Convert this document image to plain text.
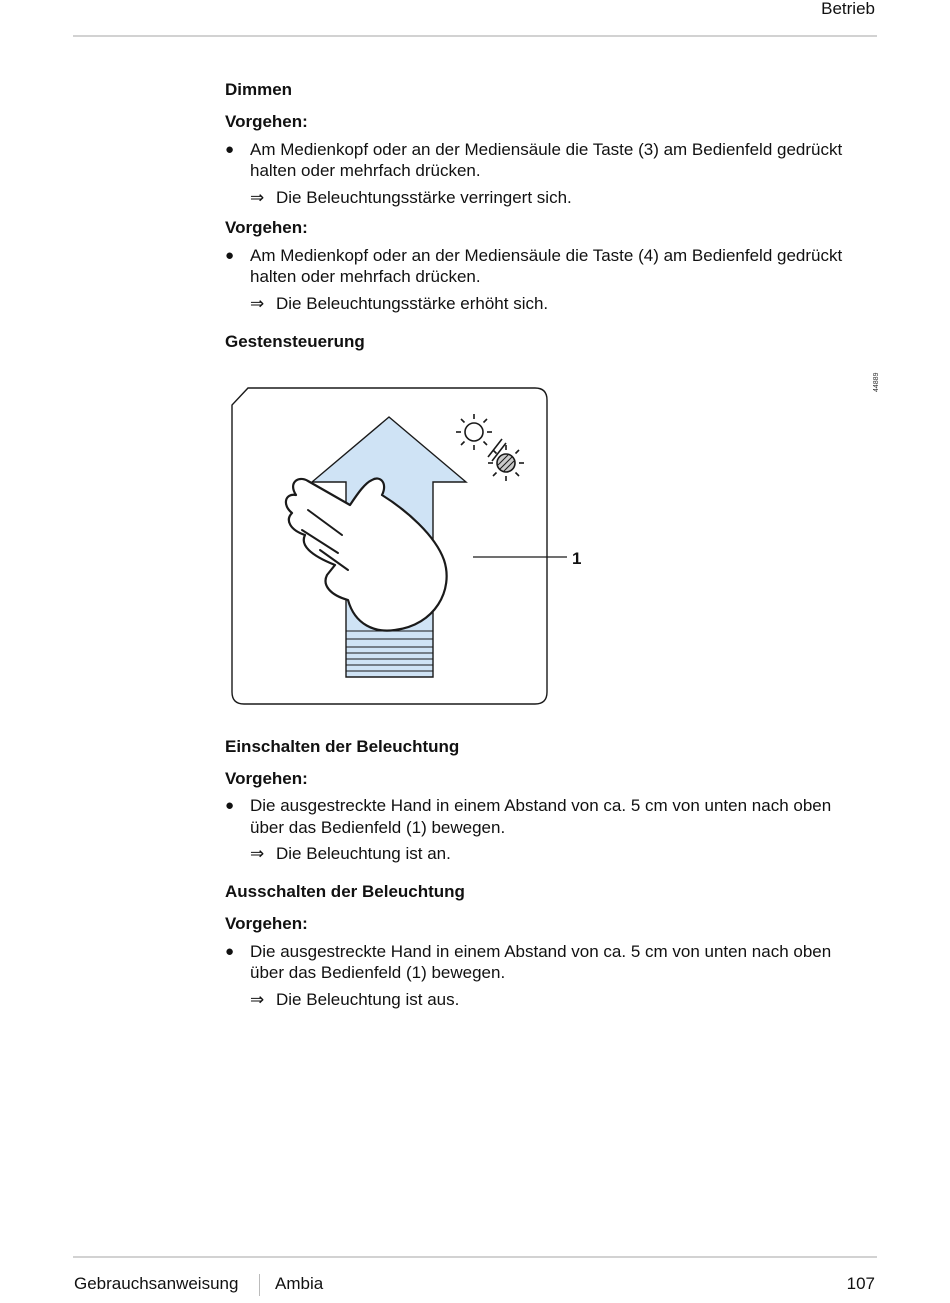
Betrieb
Dimmen
Vorgehen:
● Am Medienkopf oder an der Mediensäule die Taste (3) am Bedienfeld gedrückt
halten oder mehrfach drücken.
⇒ Die Beleuchtungsstärke verringert sich.
Vorgehen:
● Am Medienkopf oder an der Mediensäule die Taste (4) am Bedienfeld gedrückt
halten oder mehrfach drücken.
⇒ Die Beleuchtungsstärke erhöht sich.
Gestensteuerung
Einschalten der Beleuchtung
Vorgehen:
● Die ausgestreckte Hand in einem Abstand von ca. 5 cm von unten nach oben
über das Bedienfeld (1) bewegen.
⇒ Die Beleuchtung ist an.
Ausschalten der Beleuchtung
Vorgehen:
● Die ausgestreckte Hand in einem Abstand von ca. 5 cm von unten nach oben
über das Bedienfeld (1) bewegen.
⇒ Die Beleuchtung ist aus.
44889
1
Gebrauchsanweisung Ambia	107
